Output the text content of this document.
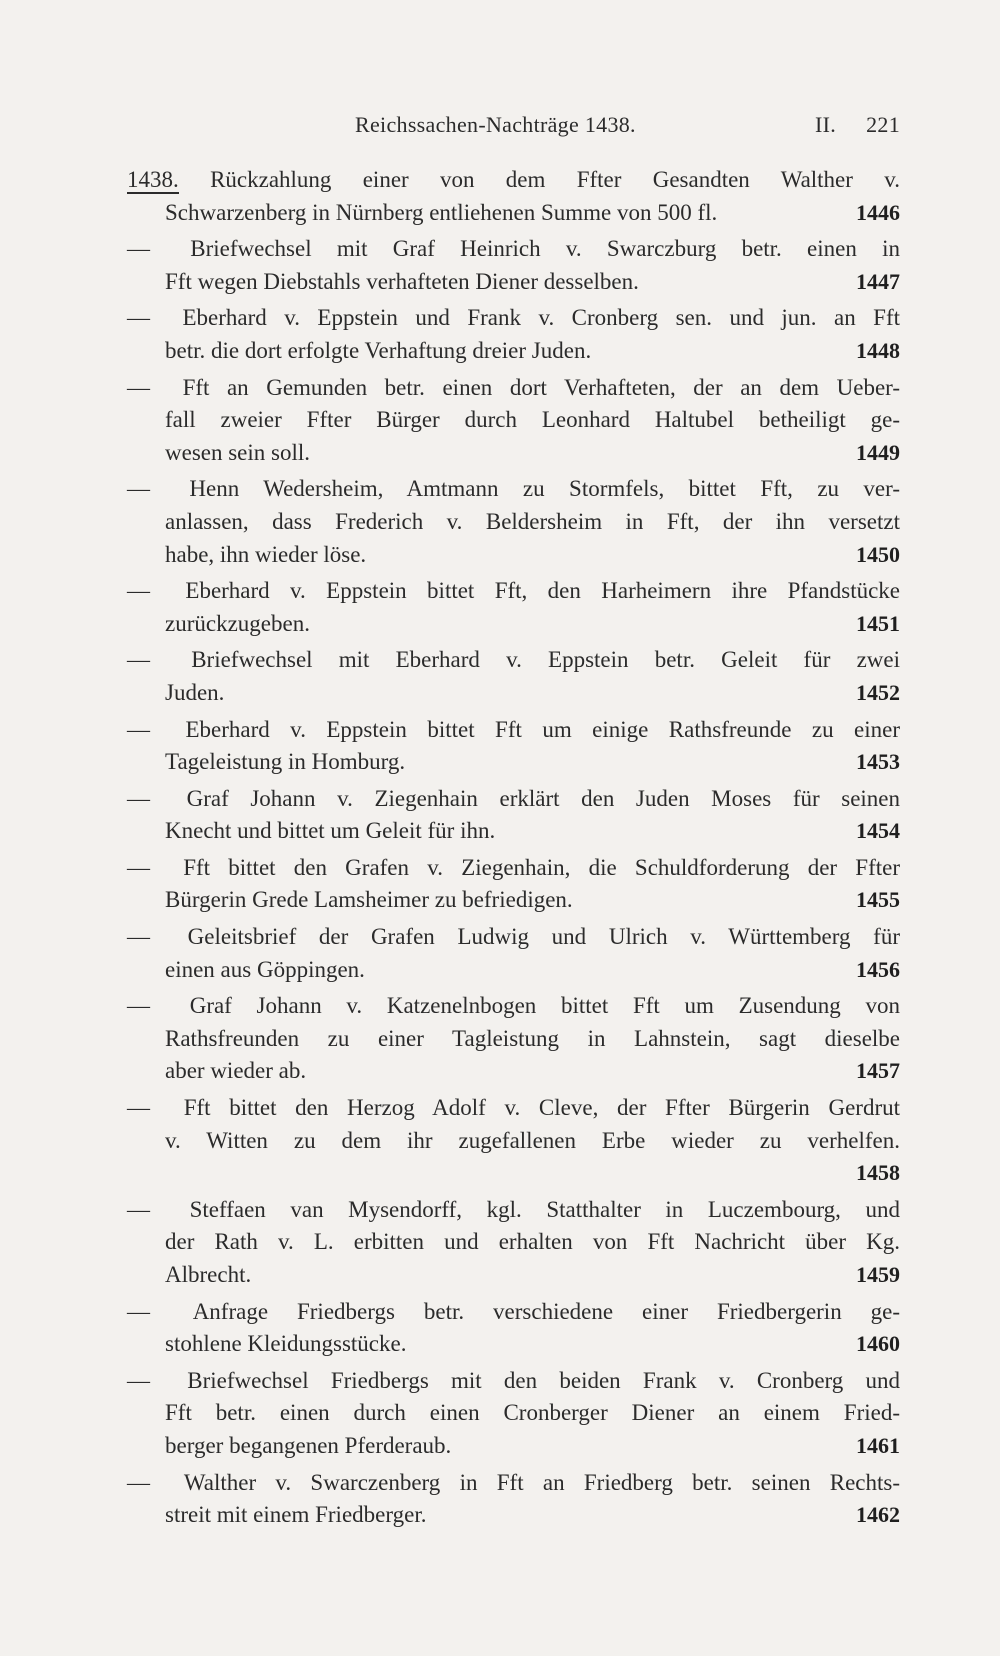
Reichssachen-Nachträge 1438.	II. 221
1438. Rückzahlung einer von dem Ffter Gesandten Walther v.
Schwarzenberg in Nürnberg entliehenen Summe von 500 fl.	1446
— Briefwechsel mit Graf Heinrich v. Swarczburg betr. einen in
Fft wegen Diebstahls verhafteten Diener desselben.	1447
— Eberhard v. Eppstein und Frank v. Cronberg sen. und jun. an Fft
betr. die dort erfolgte Verhaftung dreier Juden.	1448
— Fft an Gemunden betr. einen dort Verhafteten, der an dem Ueber-
fall zweier Ffter Bürger durch Leonhard Haltubel betheiligt ge-
wesen sein soll.	1449
— Henn Wedersheim, Amtmann zu Stormfels, bittet Fft, zu ver-
anlassen, dass Frederich v. Beldersheim in Fft, der ihn versetzt
habe, ihn wieder löse.	1450
— Eberhard v. Eppstein bittet Fft, den Harheimern ihre Pfandstücke
zurückzugeben.	1451
— Briefwechsel mit Eberhard v. Eppstein betr. Geleit für zwei
Juden.	1452
— Eberhard v. Eppstein bittet Fft um einige Rathsfreunde zu einer
Tageleistung in Homburg.	1453
— Graf Johann v. Ziegenhain erklärt den Juden Moses für seinen
Knecht und bittet um Geleit für ihn.	1454
— Fft bittet den Grafen v. Ziegenhain, die Schuldforderung der Ffter
Bürgerin Grede Lamsheimer zu befriedigen.	1455
— Geleitsbrief der Grafen Ludwig und Ulrich v. Württemberg für
einen aus Göppingen.	1456
— Graf Johann v. Katzenelnbogen bittet Fft um Zusendung von
Rathsfreunden zu einer Tagleistung in Lahnstein, sagt dieselbe
aber wieder ab.	1457
— Fft bittet den Herzog Adolf v. Cleve, der Ffter Bürgerin Gerdrut
v. Witten zu dem ihr zugefallenen Erbe wieder zu verhelfen.
1458
— Steffaen van Mysendorff, kgl. Statthalter in Luczembourg, und
der Rath v. L. erbitten und erhalten von Fft Nachricht über Kg.
Albrecht.	1459
— Anfrage Friedbergs betr. verschiedene einer Friedbergerin ge-
stohlene Kleidungsstücke.	1460
— Briefwechsel Friedbergs mit den beiden Frank v. Cronberg und
Fft betr. einen durch einen Cronberger Diener an einem Fried-
berger begangenen Pferderaub.	1461
— Walther v. Swarczenberg in Fft an Friedberg betr. seinen Rechts-
streit mit einem Friedberger.	1462
